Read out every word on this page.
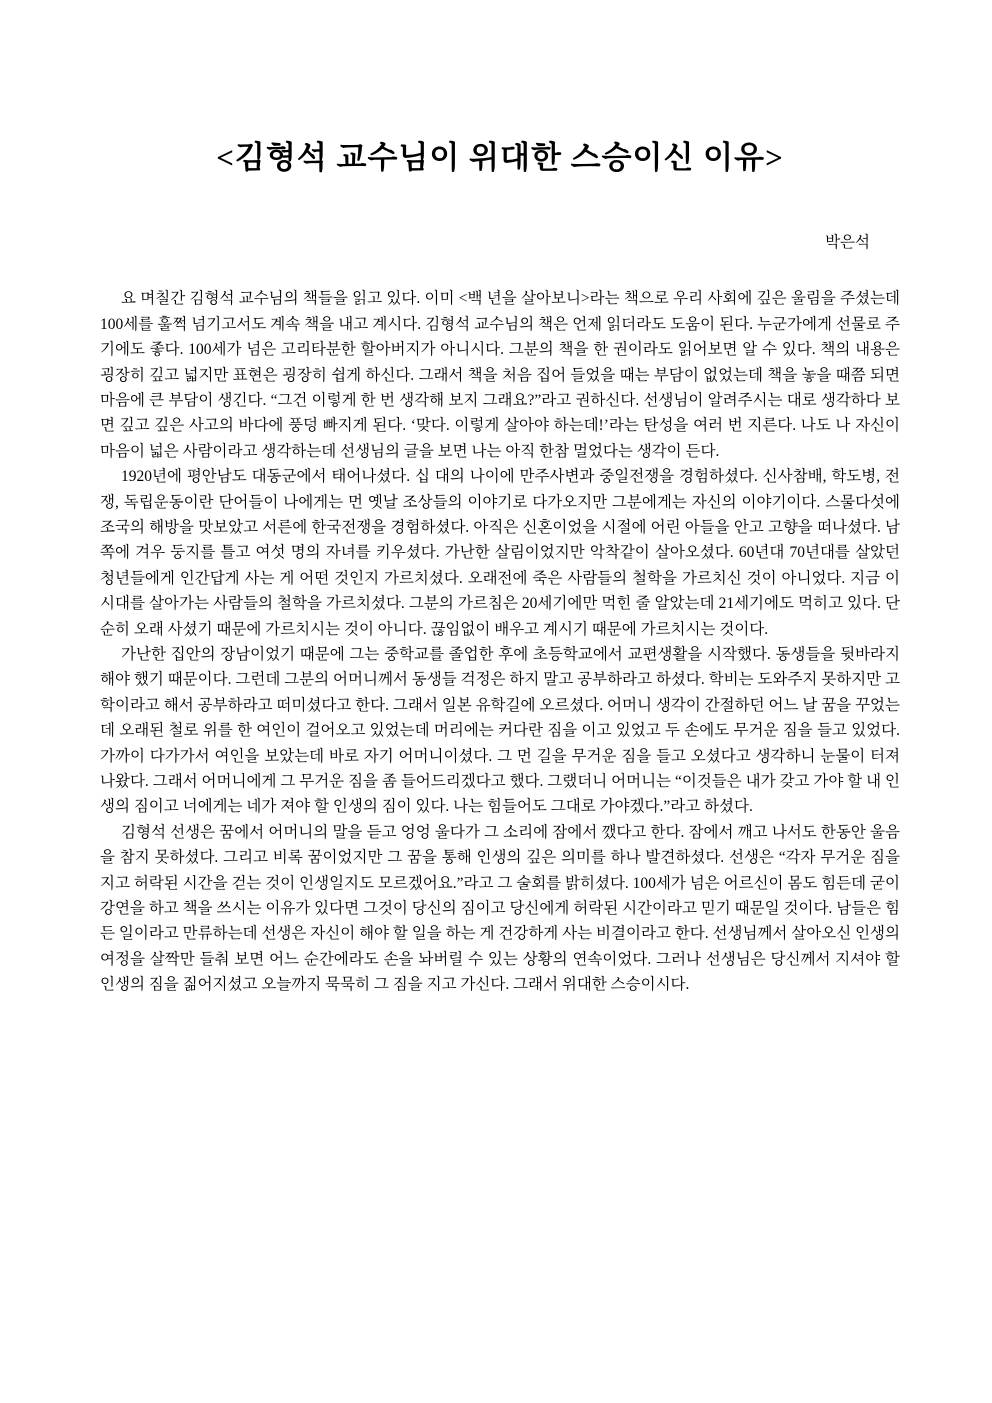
<김형석 교수님이 위대한 스승이신 이유>
박은석

요 며칠간 김형석 교수님의 책들을 읽고 있다. 이미 <백 년을 살아보니>라는 책으로 우리 사회에 깊은 울림을 주셨는데 100세를 훌쩍 넘기고서도 계속 책을 내고 계시다. 김형석 교수님의 책은 언제 읽더라도 도움이 된다. 누군가에게 선물로 주기에도 좋다. 100세가 넘은 고리타분한 할아버지가 아니시다. 그분의 책을 한 권이라도 읽어보면 알 수 있다. 책의 내용은 굉장히 깊고 넓지만 표현은 굉장히 쉽게 하신다. 그래서 책을 처음 집어 들었을 때는 부담이 없었는데 책을 놓을 때쯤 되면 마음에 큰 부담이 생긴다. “그건 이렇게 한 번 생각해 보지 그래요?”라고 권하신다. 선생님이 알려주시는 대로 생각하다 보면 깊고 깊은 사고의 바다에 풍덩 빠지게 된다. ‘맞다. 이렇게 살아야 하는데!’라는 탄성을 여러 번 지른다. 나도 나 자신이 마음이 넓은 사람이라고 생각하는데 선생님의 글을 보면 나는 아직 한참 멀었다는 생각이 든다.

1920년에 평안남도 대동군에서 태어나셨다. 십 대의 나이에 만주사변과 중일전쟁을 경험하셨다. 신사참배, 학도병, 전쟁, 독립운동이란 단어들이 나에게는 먼 옛날 조상들의 이야기로 다가오지만 그분에게는 자신의 이야기이다. 스물다섯에 조국의 해방을 맛보았고 서른에 한국전쟁을 경험하셨다. 아직은 신혼이었을 시절에 어린 아들을 안고 고향을 떠나셨다. 남쪽에 겨우 둥지를 틀고 여섯 명의 자녀를 키우셨다. 가난한 살림이었지만 악착같이 살아오셨다. 60년대 70년대를 살았던 청년들에게 인간답게 사는 게 어떤 것인지 가르치셨다. 오래전에 죽은 사람들의 철학을 가르치신 것이 아니었다. 지금 이 시대를 살아가는 사람들의 철학을 가르치셨다. 그분의 가르침은 20세기에만 먹힌 줄 알았는데 21세기에도 먹히고 있다. 단순히 오래 사셨기 때문에 가르치시는 것이 아니다. 끊임없이 배우고 계시기 때문에 가르치시는 것이다.

가난한 집안의 장남이었기 때문에 그는 중학교를 졸업한 후에 초등학교에서 교편생활을 시작했다. 동생들을 뒷바라지해야 했기 때문이다. 그런데 그분의 어머니께서 동생들 걱정은 하지 말고 공부하라고 하셨다. 학비는 도와주지 못하지만 고학이라고 해서 공부하라고 떠미셨다고 한다. 그래서 일본 유학길에 오르셨다. 어머니 생각이 간절하던 어느 날 꿈을 꾸었는데 오래된 철로 위를 한 여인이 걸어오고 있었는데 머리에는 커다란 짐을 이고 있었고 두 손에도 무거운 짐을 들고 있었다. 가까이 다가가서 여인을 보았는데 바로 자기 어머니이셨다. 그 먼 길을 무거운 짐을 들고 오셨다고 생각하니 눈물이 터져 나왔다. 그래서 어머니에게 그 무거운 짐을 좀 들어드리겠다고 했다. 그랬더니 어머니는 “이것들은 내가 갖고 가야 할 내 인생의 짐이고 너에게는 네가 져야 할 인생의 짐이 있다. 나는 힘들어도 그대로 가야겠다.”라고 하셨다.

김형석 선생은 꿈에서 어머니의 말을 듣고 엉엉 울다가 그 소리에 잠에서 깼다고 한다. 잠에서 깨고 나서도 한동안 울음을 참지 못하셨다. 그리고 비록 꿈이었지만 그 꿈을 통해 인생의 깊은 의미를 하나 발견하셨다. 선생은 “각자 무거운 짐을 지고 허락된 시간을 걷는 것이 인생일지도 모르겠어요.”라고 그 술회를 밝히셨다. 100세가 넘은 어르신이 몸도 힘든데 굳이 강연을 하고 책을 쓰시는 이유가 있다면 그것이 당신의 짐이고 당신에게 허락된 시간이라고 믿기 때문일 것이다. 남들은 힘든 일이라고 만류하는데 선생은 자신이 해야 할 일을 하는 게 건강하게 사는 비결이라고 한다. 선생님께서 살아오신 인생의 여정을 살짝만 들춰 보면 어느 순간에라도 손을 놔버릴 수 있는 상황의 연속이었다. 그러나 선생님은 당신께서 지셔야 할 인생의 짐을 짊어지셨고 오늘까지 묵묵히 그 짐을 지고 가신다. 그래서 위대한 스승이시다.
